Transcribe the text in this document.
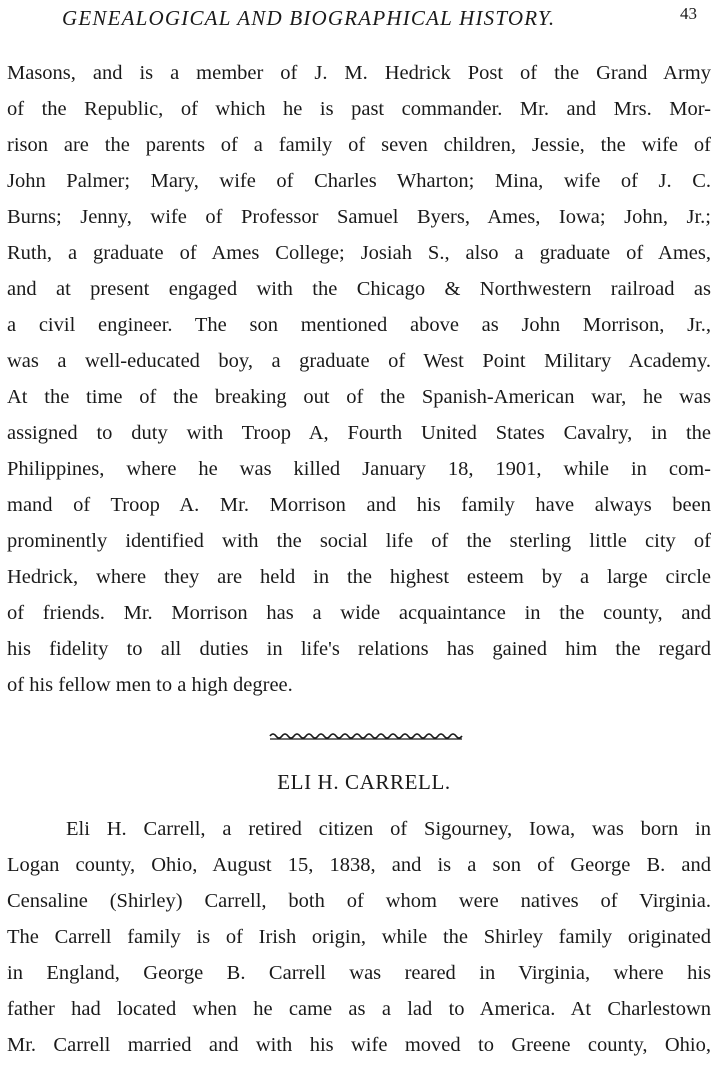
GENEALOGICAL AND BIOGRAPHICAL HISTORY.	43
Masons, and is a member of J. M. Hedrick Post of the Grand Army
of the Republic, of which he is past commander. Mr. and Mrs. Mor-
rison are the parents of a family of seven children, Jessie, the wife of
John Palmer; Mary, wife of Charles Wharton; Mina, wife of J. C.
Burns; Jenny, wife of Professor Samuel Byers, Ames, Iowa; John, Jr.;
Ruth, a graduate of Ames College; Josiah S., also a graduate of Ames,
and at present engaged with the Chicago & Northwestern railroad as
a civil engineer. The son mentioned above as John Morrison, Jr.,
was a well-educated boy, a graduate of West Point Military Academy.
At the time of the breaking out of the Spanish-American war, he was
assigned to duty with Troop A, Fourth United States Cavalry, in the
Philippines, where he was killed January 18, 1901, while in com-
mand of Troop A. Mr. Morrison and his family have always been
prominently identified with the social life of the sterling little city of
Hedrick, where they are held in the highest esteem by a large circle
of friends. Mr. Morrison has a wide acquaintance in the county, and
his fidelity to all duties in life's relations has gained him the regard
of his fellow men to a high degree.
ELI H. CARRELL.
Eli H. Carrell, a retired citizen of Sigourney, Iowa, was born in
Logan county, Ohio, August 15, 1838, and is a son of George B. and
Censaline (Shirley) Carrell, both of whom were natives of Virginia.
The Carrell family is of Irish origin, while the Shirley family originated
in England, George B. Carrell was reared in Virginia, where his
father had located when he came as a lad to America. At Charlestown
Mr. Carrell married and with his wife moved to Greene county, Ohio,
